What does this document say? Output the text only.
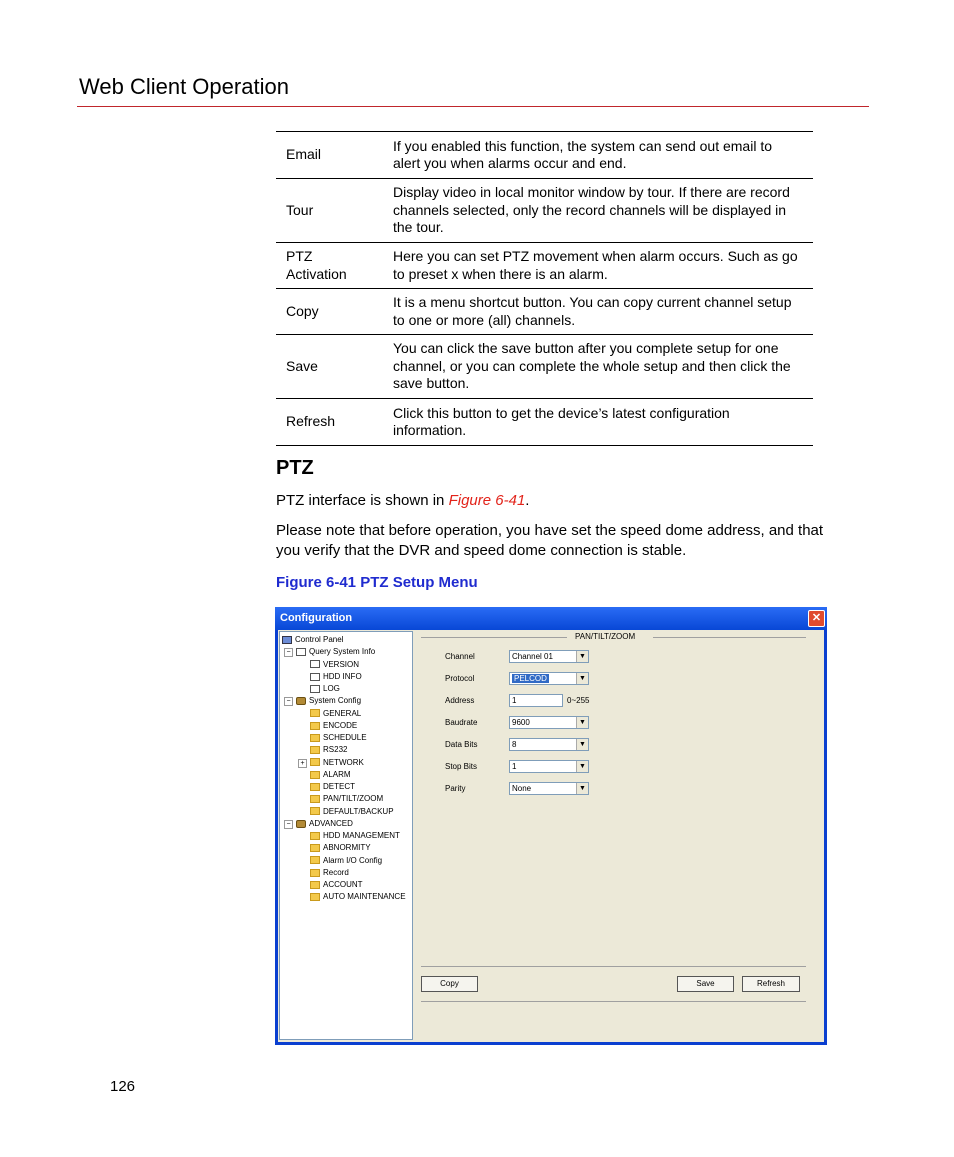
Web Client Operation
Email	If you enabled this function, the system can send out email to alert you when alarms occur and end.
Tour	Display video in local monitor window by tour. If there are record channels selected, only the record channels will be displayed in the tour.
PTZ Activation	Here you can set PTZ movement when alarm occurs. Such as go to preset x when there is an alarm.
Copy	It is a menu shortcut button. You can copy current channel setup to one or more (all) channels.
Save	You can click the save button after you complete setup for one channel, or you can complete the whole setup and then click the save button.
Refresh	Click this button to get the device’s latest configuration information.
PTZ
PTZ interface is shown in Figure 6-41.
Please note that before operation, you have set the speed dome address, and that you verify that the DVR and speed dome connection is stable.
Figure 6-41 PTZ Setup Menu
Configuration	✕
Control Panel
Query System Info
−
VERSION
HDD INFO
LOG
System Config
−
GENERAL
ENCODE
SCHEDULE
RS232
NETWORK
+
ALARM
DETECT
PAN/TILT/ZOOM
DEFAULT/BACKUP
ADVANCED
−
HDD MANAGEMENT
ABNORMITY
Alarm I/O Config
Record
ACCOUNT
AUTO MAINTENANCE
PAN/TILT/ZOOM
Channel	Channel 01	▼
Protocol	PELCOD	▼
Address	1	0~255
Baudrate	9600	▼
Data Bits	8	▼
Stop Bits	1	▼
Parity	None	▼
Copy	Save	Refresh
126
